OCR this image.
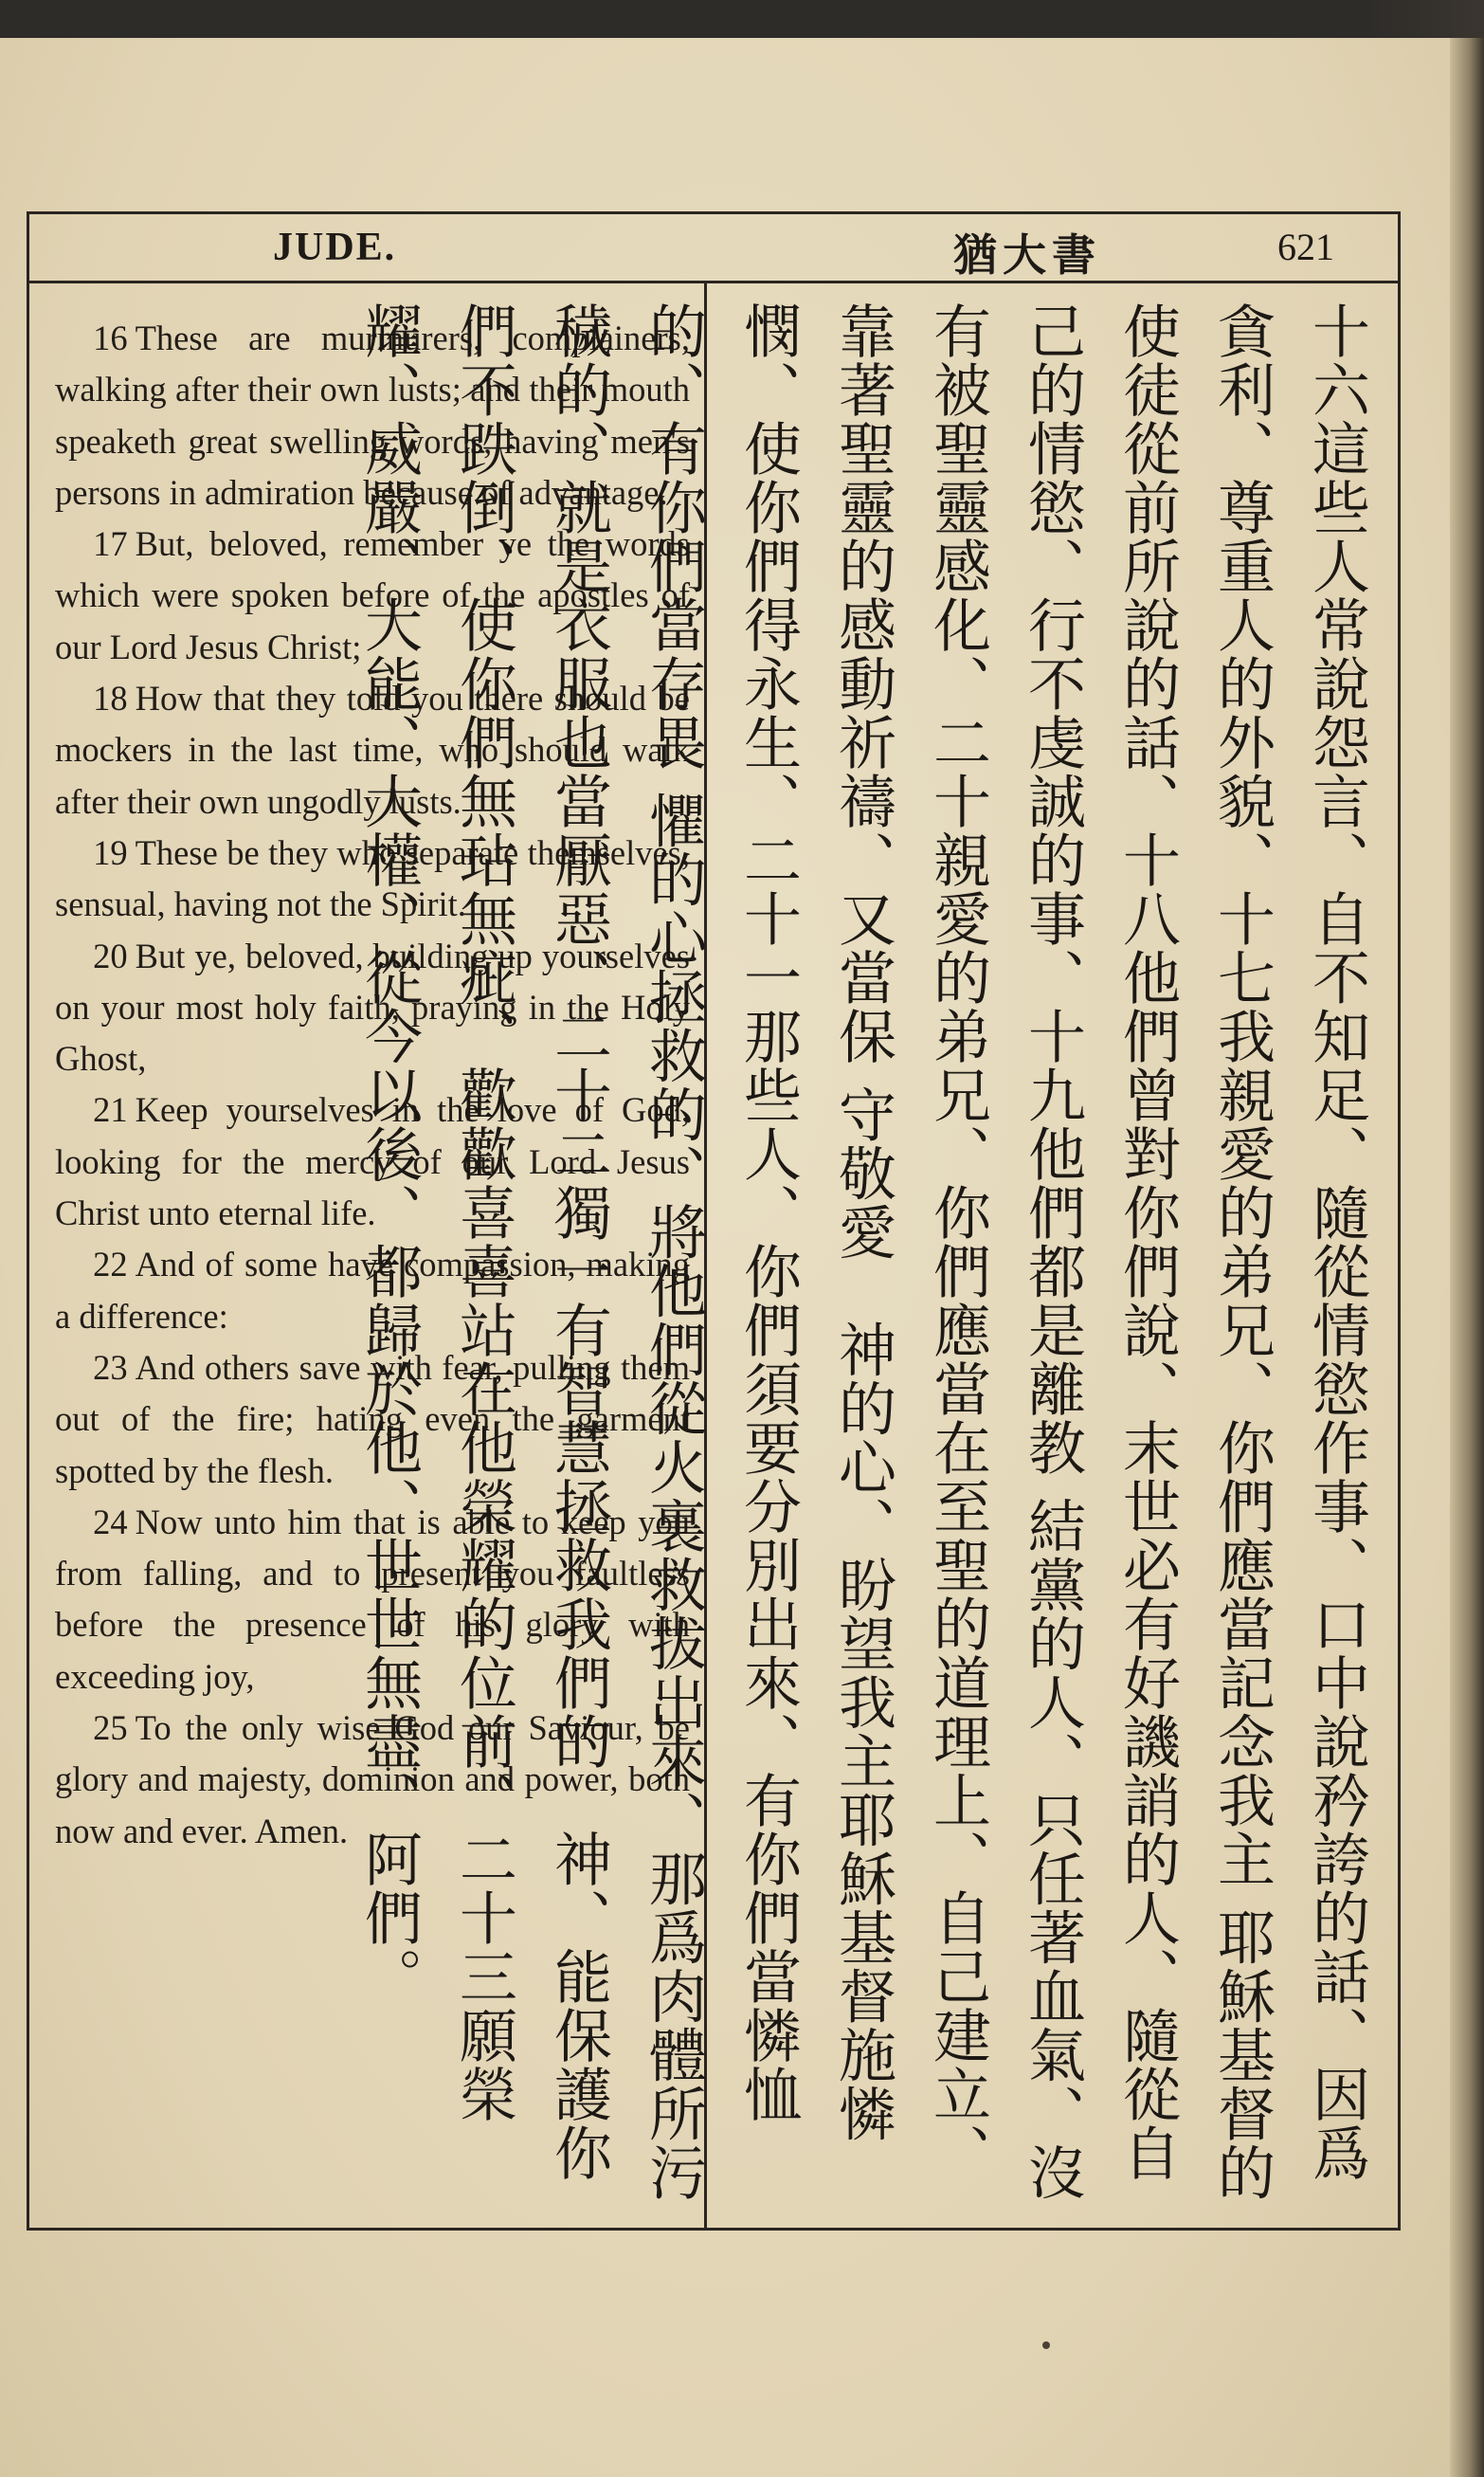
JUDE.	猶大書	621

16 These are murmurers, complainers, walking after their own lusts; and their mouth speaketh great swelling words, having men's persons in admiration because of advantage.

17 But, beloved, remember ye the words which were spoken before of the apostles of our Lord Jesus Christ;

18 How that they told you there should be mockers in the last time, who should walk after their own ungodly lusts.

19 These be they who separate themselves, sensual, having not the Spirit.

20 But ye, beloved, building up yourselves on your most holy faith, praying in the Holy Ghost,

21 Keep yourselves in the love of God, looking for the mercy of our Lord Jesus Christ unto eternal life.

22 And of some have compassion, making a difference:

23 And others save with fear, pulling them out of the fire; hating even the garment spotted by the flesh.

24 Now unto him that is able to keep you from falling, and to present you faultless before the presence of his glory with exceeding joy,

25 To the only wise God our Saviour, be glory and majesty, dominion and power, both now and ever. Amen.	十六這些人常說怨言、自不知足、隨從情慾作事、口中說矜誇的話、因爲貪利、尊重人的外貌、十七我親愛的弟兄、你們應當記念我主 耶穌基督的使徒從前所說的話、十八他們曾對你們說、末世必有好譏誚的人、隨從自己的情慾、行不虔誠的事、十九他們都是離教 結黨的人、只任著血氣、沒有被聖靈感化、二十親愛的弟兄、你們應當在至聖的道理上、自己建立、靠著聖靈的感動祈禱、又當保 守敬愛　神的心、盼望我主耶穌基督施憐憫、使你們得永生、二十一那些人、你們須要分別出來、有你們當憐恤的、有你們當存畏 懼的心拯救的、將他們從火裏救拔出來、那爲肉體所污穢的、就是衣服也當厭惡、二十二獨一有智慧拯救我們的　神、能保護你 們不跌倒、使你們無玷無疵、歡歡喜喜站在他榮耀的位前、二十三願榮耀、威嚴、大能、大權、從今以後、都歸於他、世世無盡、阿們。
